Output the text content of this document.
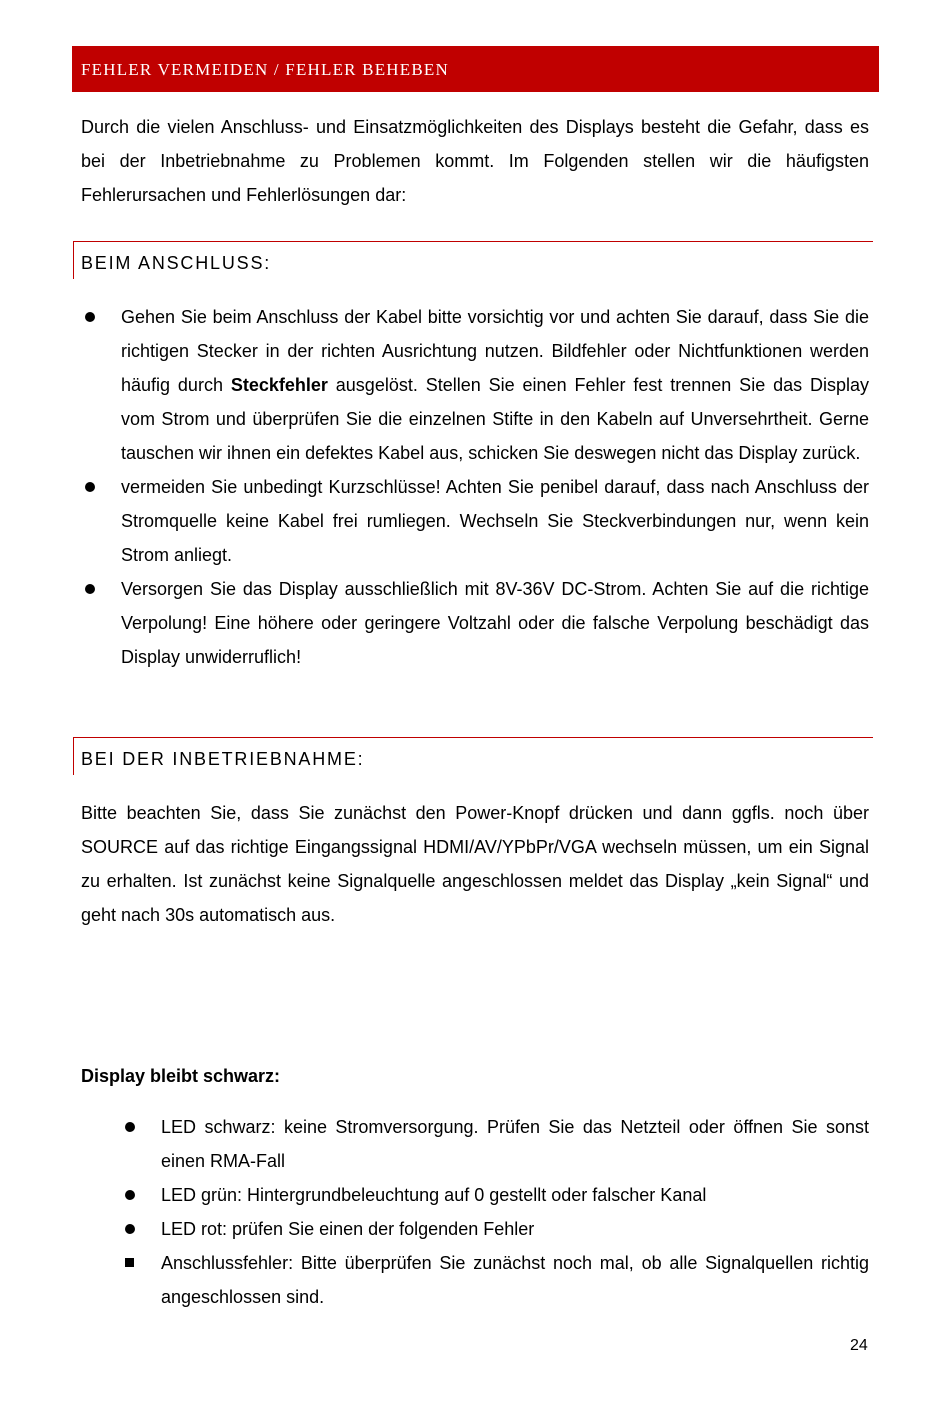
FEHLER VERMEIDEN / FEHLER BEHEBEN

Durch die vielen Anschluss- und Einsatzmöglichkeiten des Displays besteht die Gefahr, dass es bei der Inbetriebnahme zu Problemen kommt. Im Folgenden stellen wir die häufigsten Fehlerursachen und Fehlerlösungen dar:

BEIM ANSCHLUSS:
Gehen Sie beim Anschluss der Kabel bitte vorsichtig vor und achten Sie darauf, dass Sie die richtigen Stecker in der richten Ausrichtung nutzen. Bildfehler oder Nichtfunktionen werden häufig durch Steckfehler ausgelöst. Stellen Sie einen Fehler fest trennen Sie das Display vom Strom und überprüfen Sie die einzelnen Stifte in den Kabeln auf Unversehrtheit. Gerne tauschen wir ihnen ein defektes Kabel aus, schicken Sie deswegen nicht das Display zurück.
vermeiden Sie unbedingt Kurzschlüsse! Achten Sie penibel darauf, dass nach Anschluss der Stromquelle keine Kabel frei rumliegen. Wechseln Sie Steckverbindungen nur, wenn kein Strom anliegt.
Versorgen Sie das Display ausschließlich mit 8V-36V DC-Strom. Achten Sie auf die richtige Verpolung! Eine höhere oder geringere Voltzahl oder die falsche Verpolung beschädigt das Display unwiderruflich!
BEI DER INBETRIEBNAHME:

Bitte beachten Sie, dass Sie zunächst den Power-Knopf drücken und dann ggfls. noch über SOURCE auf das richtige Eingangssignal HDMI/AV/YPbPr/VGA wechseln müssen, um ein Signal zu erhalten. Ist zunächst keine Signalquelle angeschlossen meldet das Display „kein Signal“ und geht nach 30s automatisch aus.

Display bleibt schwarz:
LED schwarz: keine Stromversorgung. Prüfen Sie das Netzteil oder öffnen Sie sonst einen RMA-Fall
LED grün: Hintergrundbeleuchtung auf 0 gestellt oder falscher Kanal
LED rot: prüfen Sie einen der folgenden Fehler
Anschlussfehler: Bitte überprüfen Sie zunächst noch mal, ob alle Signalquellen richtig angeschlossen sind.
24
